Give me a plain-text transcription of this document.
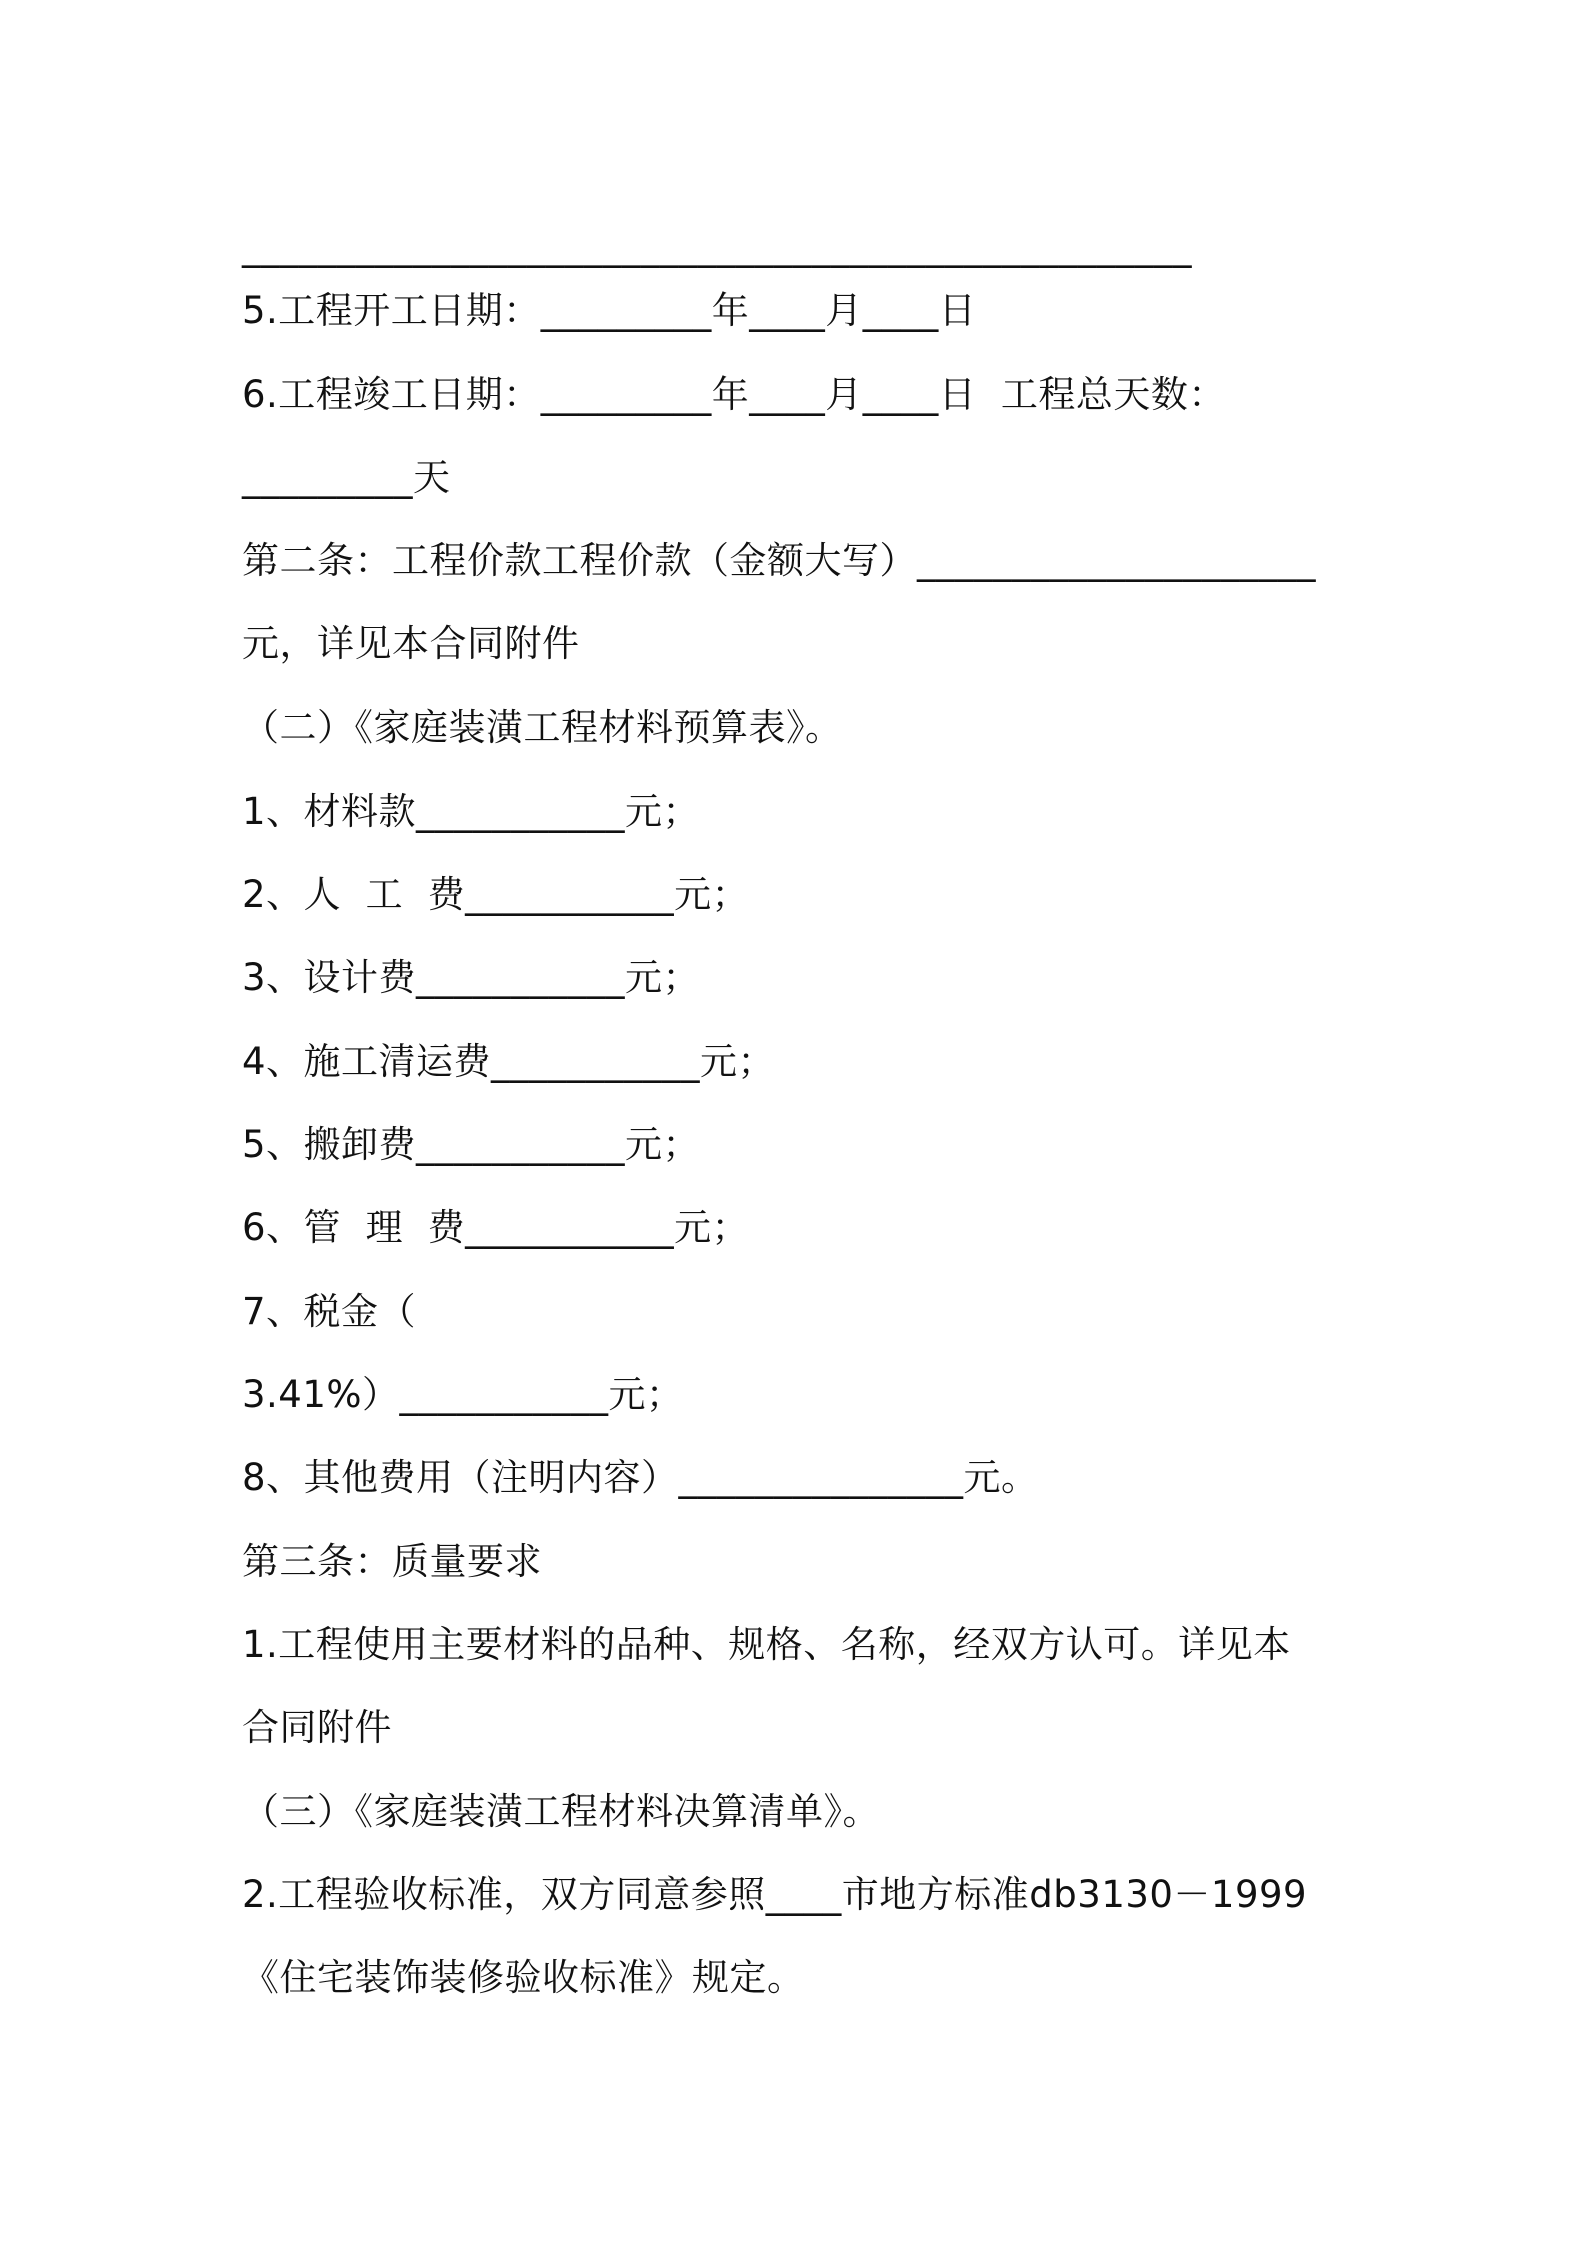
__________________________________________________
5.工程开工日期：_________年____月____日
6.工程竣工日期：_________年____月____日  工程总天数：
_________天
第二条：工程价款工程价款（金额大写）_____________________
元，详见本合同附件
（二）《家庭装潢工程材料预算表》。
1、材料款___________元；
2、人  工  费___________元；
3、设计费___________元；
4、施工清运费___________元；
5、搬卸费___________元；
6、管  理  费___________元；
7、税金（
3.41%）___________元；
8、其他费用（注明内容）_______________元。
第三条：质量要求
1.工程使用主要材料的品种、规格、名称，经双方认可。详见本
合同附件
（三）《家庭装潢工程材料决算清单》。
2.工程验收标准，双方同意参照____市地方标准db3130－1999
《住宅装饰装修验收标准》规定。
